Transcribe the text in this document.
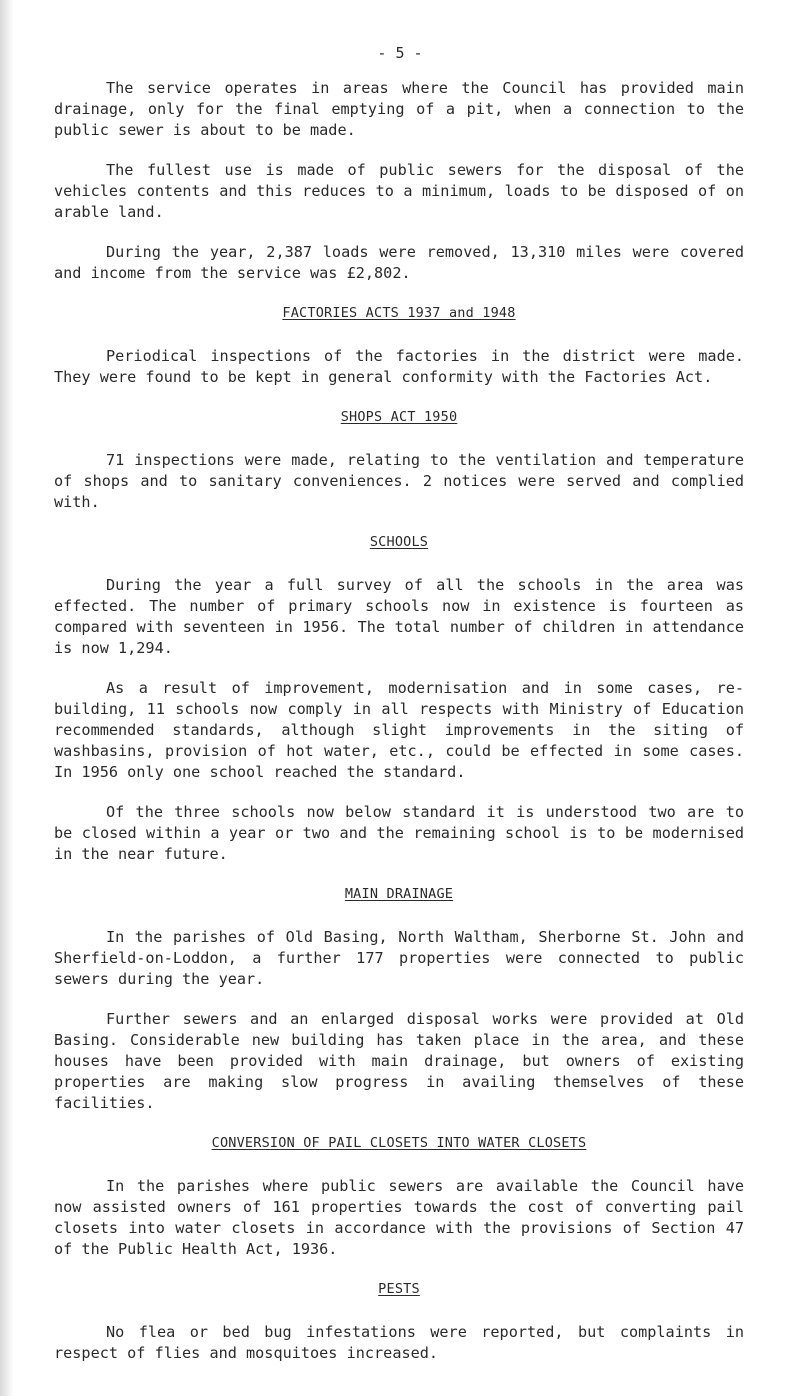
- 5 -

The service operates in areas where the Council has provided main drainage, only for the final emptying of a pit, when a connection to the public sewer is about to be made.

The fullest use is made of public sewers for the disposal of the vehicles contents and this reduces to a minimum, loads to be disposed of on arable land.

During the year, 2,387 loads were removed, 13,310 miles were covered and income from the service was £2,802.

FACTORIES ACTS 1937 and 1948

Periodical inspections of the factories in the district were made. They were found to be kept in general conformity with the Factories Act.

SHOPS ACT 1950

71 inspections were made, relating to the ventilation and temperature of shops and to sanitary conveniences. 2 notices were served and complied with.

SCHOOLS

During the year a full survey of all the schools in the area was effected. The number of primary schools now in existence is fourteen as compared with seventeen in 1956. The total number of children in attendance is now 1,294.

As a result of improvement, modernisation and in some cases, re-building, 11 schools now comply in all respects with Ministry of Education recommended standards, although slight improvements in the siting of washbasins, provision of hot water, etc., could be effected in some cases. In 1956 only one school reached the standard.

Of the three schools now below standard it is understood two are to be closed within a year or two and the remaining school is to be modernised in the near future.

MAIN DRAINAGE

In the parishes of Old Basing, North Waltham, Sherborne St. John and Sherfield-on-Loddon, a further 177 properties were connected to public sewers during the year.

Further sewers and an enlarged disposal works were provided at Old Basing. Considerable new building has taken place in the area, and these houses have been provided with main drainage, but owners of existing properties are making slow progress in availing themselves of these facilities.

CONVERSION OF PAIL CLOSETS INTO WATER CLOSETS

In the parishes where public sewers are available the Council have now assisted owners of 161 properties towards the cost of converting pail closets into water closets in accordance with the provisions of Section 47 of the Public Health Act, 1936.

PESTS

No flea or bed bug infestations were reported, but complaints in respect of flies and mosquitoes increased.
